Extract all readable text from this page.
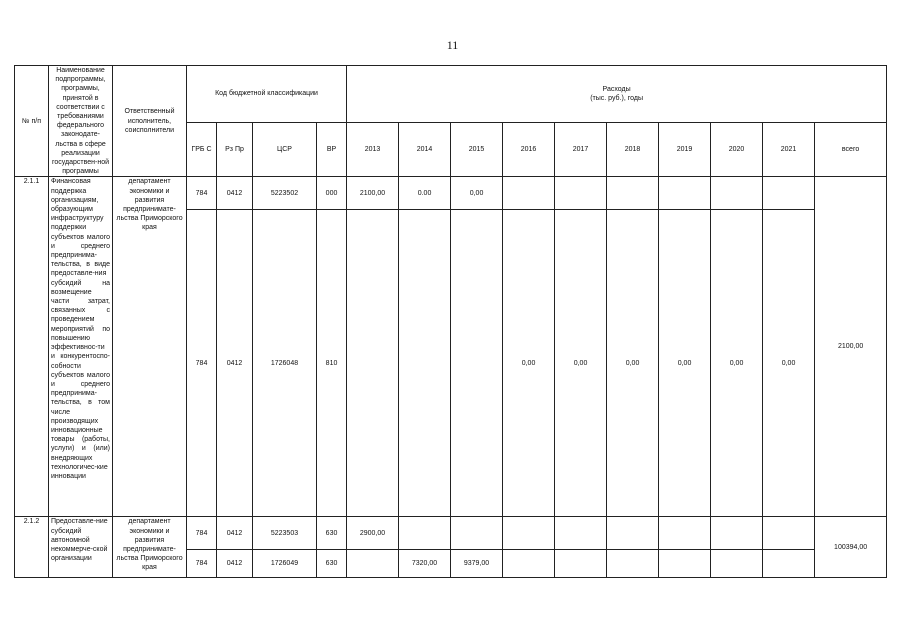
11
№ п/п	Наименование подпрограммы, программы, принятой в соответствии с требованиями федерального законодате-льства в сфере реализации государствен-ной программы	Ответственный исполнитель, соисполнители	Код бюджетной классификации				Расходы
(тыс. руб.), годы									

			ГРБ С	Рз Пр	ЦСР	ВР	2013	2014	2015	2016	2017	2018	2019	2020	2021	всего
2.1.1	Финансовая поддержка организациям, образующим инфраструктуру поддержки субъектов малого и среднего предпринима-тельства, в виде предоставле-ния субсидий на возмещение части затрат, связанных с проведением мероприятий по повышению эффективнос-ти и конкурентоспо-собности субъектов малого и среднего предпринима-тельства, в том числе производящих инновационные товары (работы, услуги) и (или) внедряющих технологичес-кие инновации	департамент экономики и развития предпринимате-льства Приморского края	784	0412	5223502	000	2100,00	0.00	0,00							2100,00
			784	0412	1726048	810				0,00	0,00	0,00	0,00	0,00	0,00	
2.1.2	Предоставле-ние субсидий автономной некоммерче-ской организации	департамент экономики и развития предпринимате-льства Приморского края	784	0412	5223503	630	2900,00									100394,00
			784	0412	1726049	630		7320,00	9379,00							
